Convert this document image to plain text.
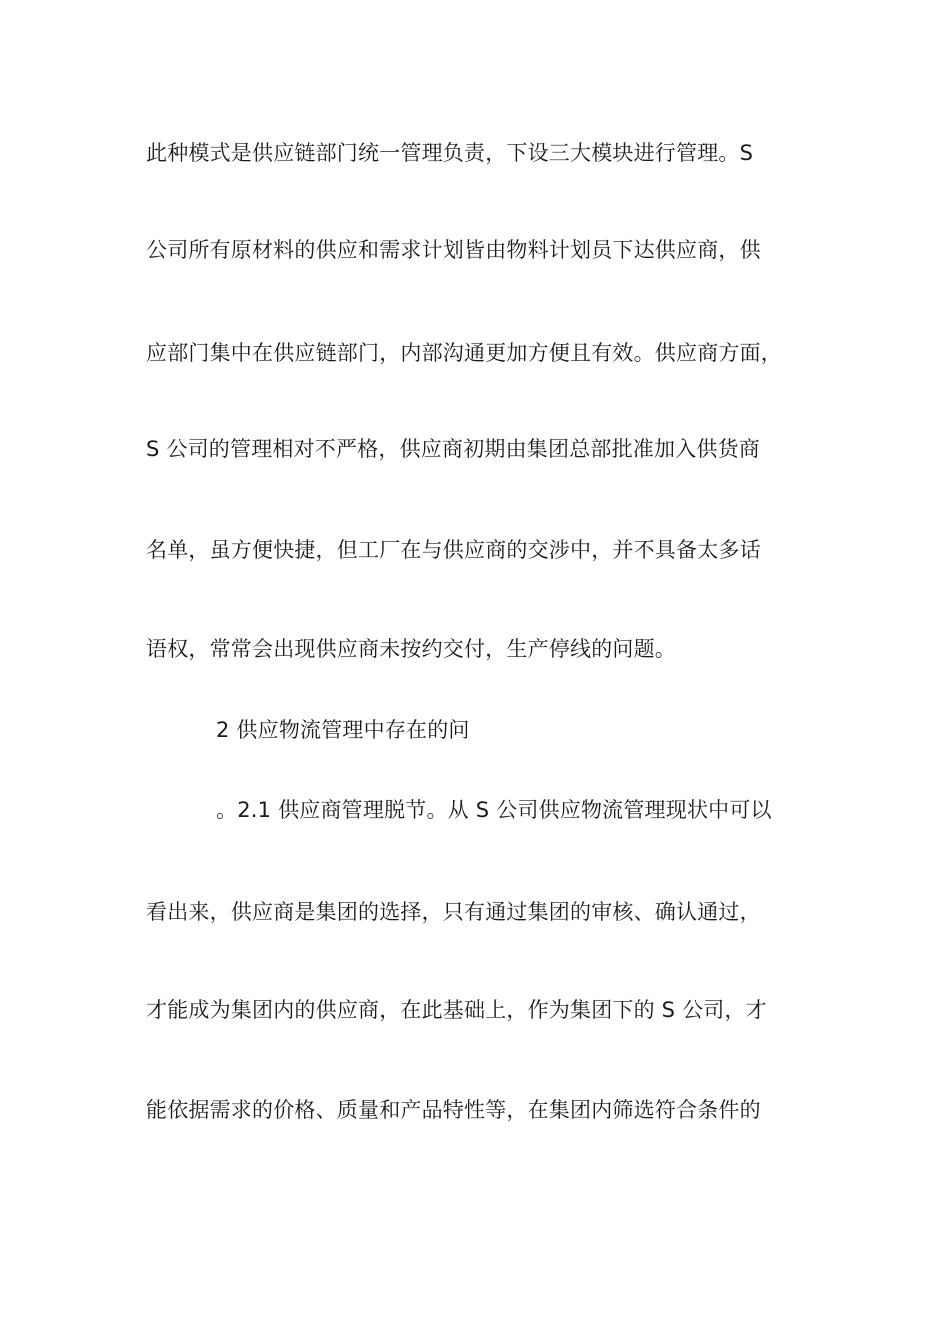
此种模式是供应链部门统一管理负责，下设三大模块进行管理。S
公司所有原材料的供应和需求计划皆由物料计划员下达供应商，供
应部门集中在供应链部门，内部沟通更加方便且有效。供应商方面，
S 公司的管理相对不严格，供应商初期由集团总部批准加入供货商
名单，虽方便快捷，但工厂在与供应商的交涉中，并不具备太多话
语权，常常会出现供应商未按约交付，生产停线的问题。
2 供应物流管理中存在的问
。2.1 供应商管理脱节。从 S 公司供应物流管理现状中可以
看出来，供应商是集团的选择，只有通过集团的审核、确认通过，
才能成为集团内的供应商，在此基础上，作为集团下的 S 公司，才
能依据需求的价格、质量和产品特性等，在集团内筛选符合条件的
